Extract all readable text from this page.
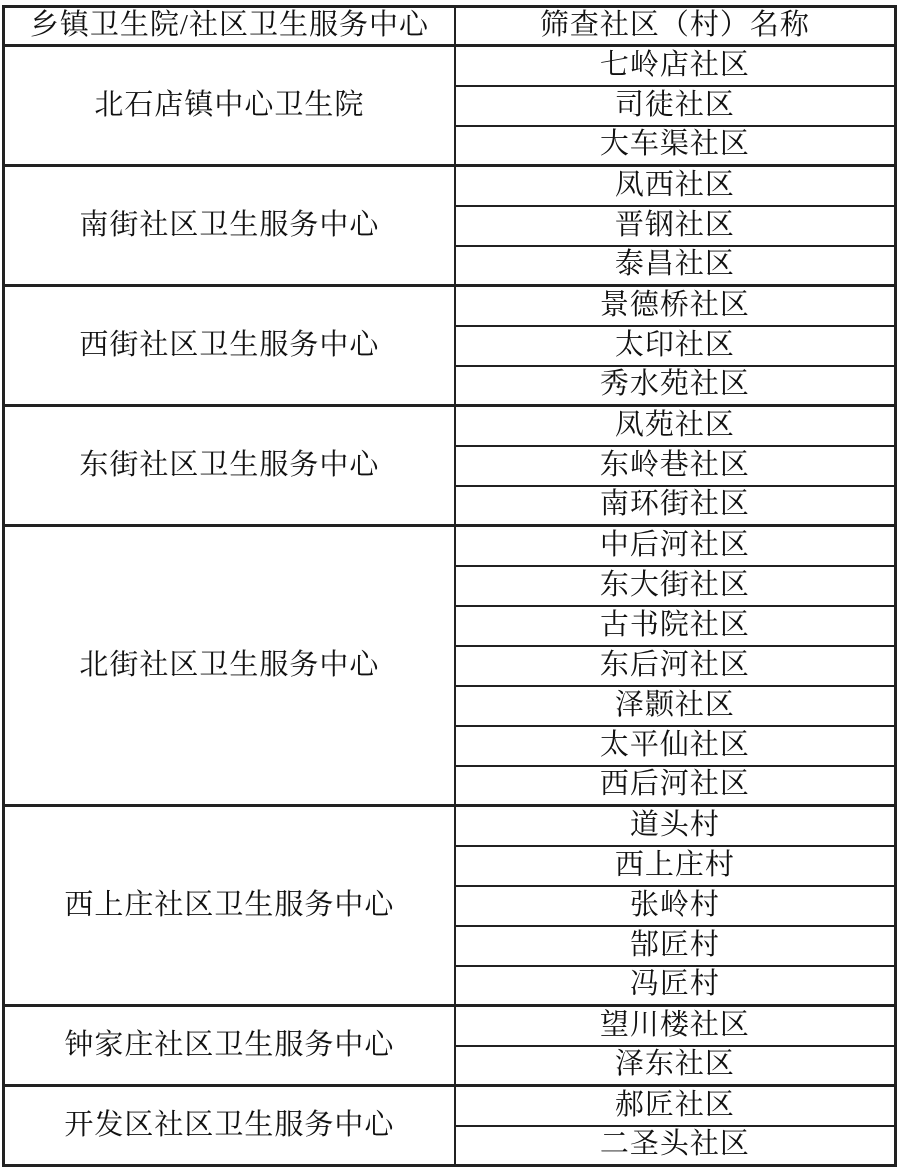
乡镇卫生院/社区卫生服务中心	筛查社区（村）名称
北石店镇中心卫生院	七岭店社区
	司徒社区
	大车渠社区
南街社区卫生服务中心	凤西社区
	晋钢社区
	泰昌社区
西街社区卫生服务中心	景德桥社区
	太印社区
	秀水苑社区
东街社区卫生服务中心	凤苑社区
	东岭巷社区
	南环街社区
北街社区卫生服务中心	中后河社区
	东大街社区
	古书院社区
	东后河社区
	泽颢社区
	太平仙社区
	西后河社区
西上庄社区卫生服务中心	道头村
	西上庄村
	张岭村
	郜匠村
	冯匠村
钟家庄社区卫生服务中心	望川楼社区
	泽东社区
开发区社区卫生服务中心	郝匠社区
	二圣头社区
